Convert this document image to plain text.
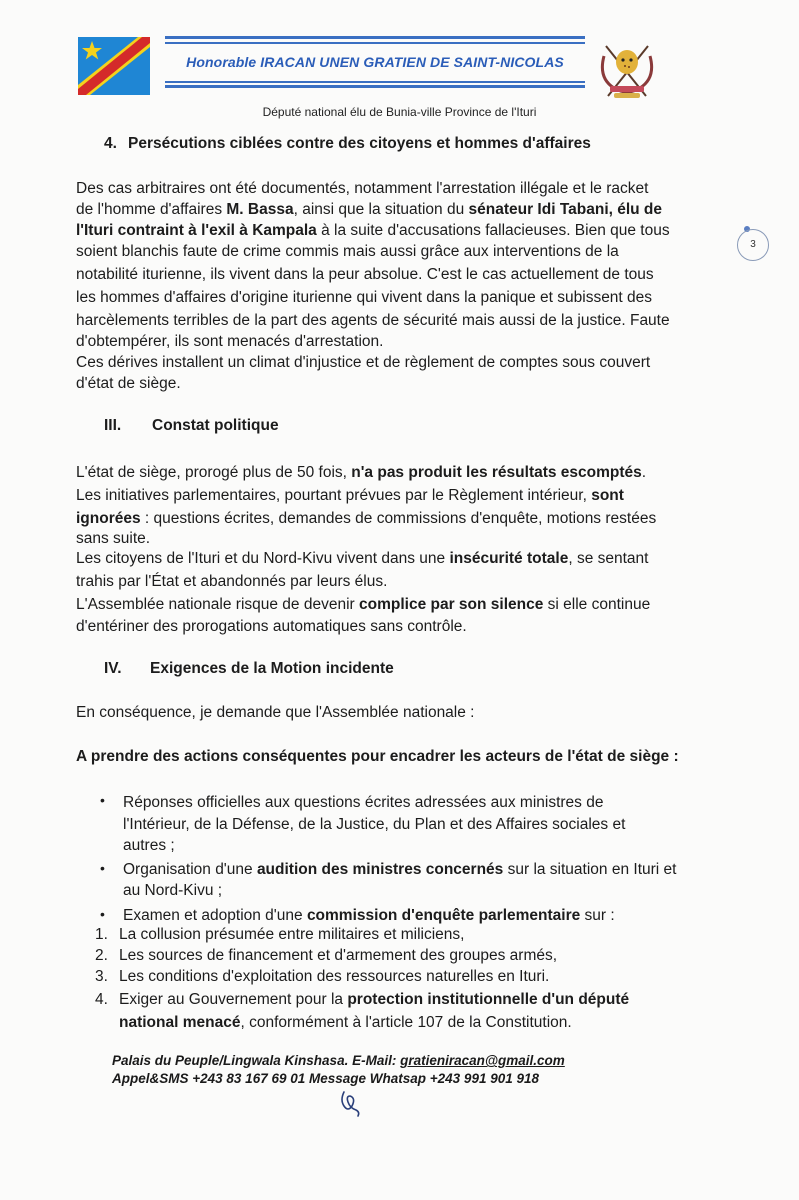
Honorable IRACAN UNEN GRATIEN DE SAINT-NICOLAS
Député national élu de Bunia-ville Province de l'Ituri
3
4. Persécutions ciblées contre des citoyens et hommes d'affaires
Des cas arbitraires ont été documentés, notamment l'arrestation illégale et le racket
de l'homme d'affaires M. Bassa, ainsi que la situation du sénateur Idi Tabani, élu de
l'Ituri contraint à l'exil à Kampala à la suite d'accusations fallacieuses. Bien que tous
soient blanchis faute de crime commis mais aussi grâce aux interventions de la
notabilité iturienne, ils vivent dans la peur absolue. C'est le cas actuellement de tous
les hommes d'affaires d'origine iturienne qui vivent dans la panique et subissent des
harcèlements terribles de la part des agents de sécurité mais aussi de la justice. Faute
d'obtempérer, ils sont menacés d'arrestation.
Ces dérives installent un climat d'injustice et de règlement de comptes sous couvert
d'état de siège.
III. Constat politique
L'état de siège, prorogé plus de 50 fois, n'a pas produit les résultats escomptés.
Les initiatives parlementaires, pourtant prévues par le Règlement intérieur, sont
ignorées : questions écrites, demandes de commissions d'enquête, motions restées
sans suite.
Les citoyens de l'Ituri et du Nord-Kivu vivent dans une insécurité totale, se sentant
trahis par l'État et abandonnés par leurs élus.
L'Assemblée nationale risque de devenir complice par son silence si elle continue
d'entériner des prorogations automatiques sans contrôle.
IV. Exigences de la Motion incidente
En conséquence, je demande que l'Assemblée nationale :
A prendre des actions conséquentes pour encadrer les acteurs de l'état de siège :
• Réponses officielles aux questions écrites adressées aux ministres de
l'Intérieur, de la Défense, de la Justice, du Plan et des Affaires sociales et
autres ;
• Organisation d'une audition des ministres concernés sur la situation en Ituri et
au Nord-Kivu ;
• Examen et adoption d'une commission d'enquête parlementaire sur :
1. La collusion présumée entre militaires et miliciens,
2. Les sources de financement et d'armement des groupes armés,
3. Les conditions d'exploitation des ressources naturelles en Ituri.
4. Exiger au Gouvernement pour la protection institutionnelle d'un député
national menacé, conformément à l'article 107 de la Constitution.
Palais du Peuple/Lingwala Kinshasa. E-Mail: gratieniracan@gmail.com
Appel&SMS +243 83 167 69 01 Message Whatsap +243 991 901 918
